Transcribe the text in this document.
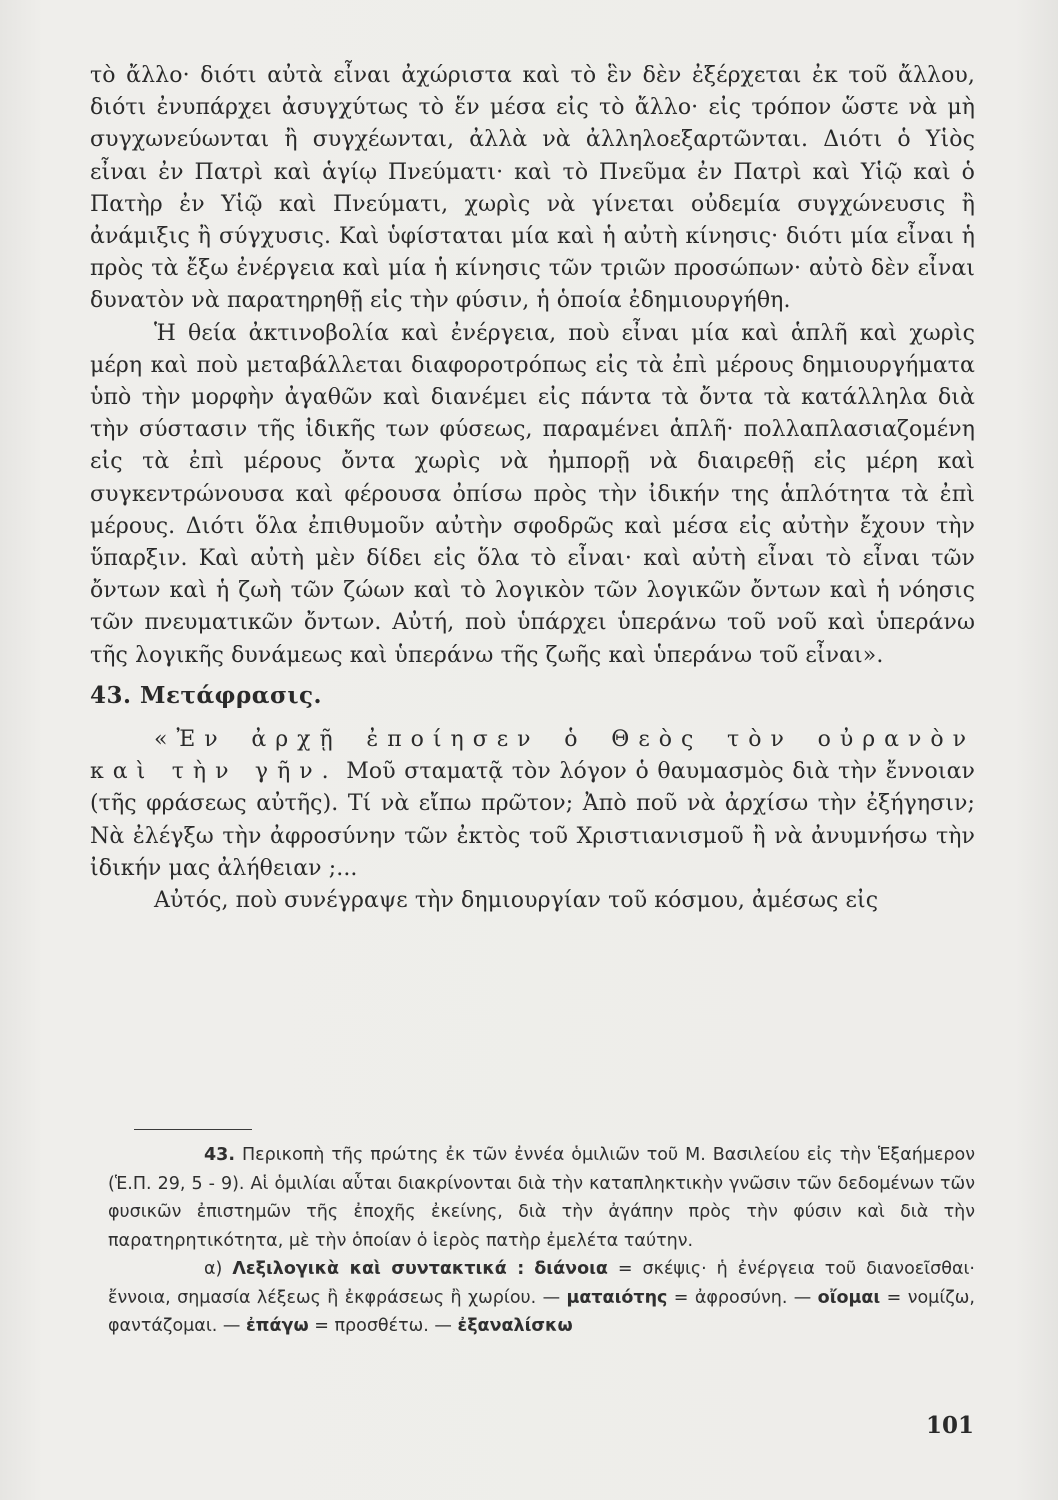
τὸ ἄλλο· διότι αὐτὰ εἶναι ἀχώριστα καὶ τὸ ἓν δὲν ἐξέρχεται ἐκ τοῦ ἄλλου, διότι ἐνυπάρχει ἀσυγχύτως τὸ ἕν μέσα εἰς τὸ ἄλλο· εἰς τρόπον ὥστε νὰ μὴ συγχωνεύωνται ἢ συγχέωνται, ἀλλὰ νὰ ἀλληλοεξαρτῶνται. Διότι ὁ Υἱὸς εἶναι ἐν Πατρὶ καὶ ἁγίῳ Πνεύματι· καὶ τὸ Πνεῦμα ἐν Πατρὶ καὶ Υἱῷ καὶ ὁ Πατὴρ ἐν Υἱῷ καὶ Πνεύματι, χωρὶς νὰ γίνεται οὐδεμία συγχώνευσις ἢ ἀνάμιξις ἢ σύγχυσις. Καὶ ὑφίσταται μία καὶ ἡ αὐτὴ κίνησις· διότι μία εἶναι ἡ πρὸς τὰ ἔξω ἐνέργεια καὶ μία ἡ κίνησις τῶν τριῶν προσώπων· αὐτὸ δὲν εἶναι δυνατὸν νὰ παρατηρηθῇ εἰς τὴν φύσιν, ἡ ὁποία ἐδημιουργήθη.

Ἡ θεία ἀκτινοβολία καὶ ἐνέργεια, ποὺ εἶναι μία καὶ ἁπλῆ καὶ χωρὶς μέρη καὶ ποὺ μεταβάλλεται διαφοροτρόπως εἰς τὰ ἐπὶ μέρους δημιουργήματα ὑπὸ τὴν μορφὴν ἀγαθῶν καὶ διανέμει εἰς πάντα τὰ ὄντα τὰ κατάλληλα διὰ τὴν σύστασιν τῆς ἰδικῆς των φύσεως, παραμένει ἁπλῆ· πολλαπλασιαζομένη εἰς τὰ ἐπὶ μέρους ὄντα χωρὶς νὰ ἠμπορῇ νὰ διαιρεθῇ εἰς μέρη καὶ συγκεντρώνουσα καὶ φέρουσα ὀπίσω πρὸς τὴν ἰδικήν της ἁπλότητα τὰ ἐπὶ μέρους. Διότι ὅλα ἐπιθυμοῦν αὐτὴν σφοδρῶς καὶ μέσα εἰς αὐτὴν ἔχουν τὴν ὕπαρξιν. Καὶ αὐτὴ μὲν δίδει εἰς ὅλα τὸ εἶναι· καὶ αὐτὴ εἶναι τὸ εἶναι τῶν ὄντων καὶ ἡ ζωὴ τῶν ζώων καὶ τὸ λογικὸν τῶν λογικῶν ὄντων καὶ ἡ νόησις τῶν πνευματικῶν ὄντων. Αὐτή, ποὺ ὑπάρχει ὑπεράνω τοῦ νοῦ καὶ ὑπεράνω τῆς λογικῆς δυνάμεως καὶ ὑπεράνω τῆς ζωῆς καὶ ὑπεράνω τοῦ εἶναι».

43. Μετάφρασις.

«Ἐν ἀρχῇ ἐποίησεν ὁ Θεὸς τὸν οὐρανὸν καὶ τὴν γῆν. Μοῦ σταματᾷ τὸν λόγον ὁ θαυμασμὸς διὰ τὴν ἔννοιαν (τῆς φράσεως αὐτῆς). Τί νὰ εἴπω πρῶτον; Ἀπὸ ποῦ νὰ ἀρχίσω τὴν ἐξήγησιν; Νὰ ἐλέγξω τὴν ἀφροσύνην τῶν ἐκτὸς τοῦ Χριστιανισμοῦ ἢ νὰ ἀνυμνήσω τὴν ἰδικήν μας ἀλήθειαν ;...

Αὐτός, ποὺ συνέγραψε τὴν δημιουργίαν τοῦ κόσμου, ἀμέσως εἰς

43. Περικοπὴ τῆς πρώτης ἐκ τῶν ἐννέα ὁμιλιῶν τοῦ Μ. Βασιλείου εἰς τὴν Ἑξαήμερον (Ἑ.Π. 29, 5 - 9). Αἱ ὁμιλίαι αὗται διακρίνονται διὰ τὴν καταπληκτικὴν γνῶσιν τῶν δεδομένων τῶν φυσικῶν ἐπιστημῶν τῆς ἐποχῆς ἐκείνης, διὰ τὴν ἀγάπην πρὸς τὴν φύσιν καὶ διὰ τὴν παρατηρητικότητα, μὲ τὴν ὁποίαν ὁ ἱερὸς πατὴρ ἐμελέτα ταύτην.

α) Λεξιλογικὰ καὶ συντακτικά : διάνοια = σκέψις· ἡ ἐνέργεια τοῦ διανοεῖσθαι· ἔννοια, σημασία λέξεως ἢ ἐκφράσεως ἢ χωρίου. — ματαιότης = ἀφροσύνη. — οἴομαι = νομίζω, φαντάζομαι. — ἐπάγω = προσθέτω. — ἐξαναλίσκω

101
